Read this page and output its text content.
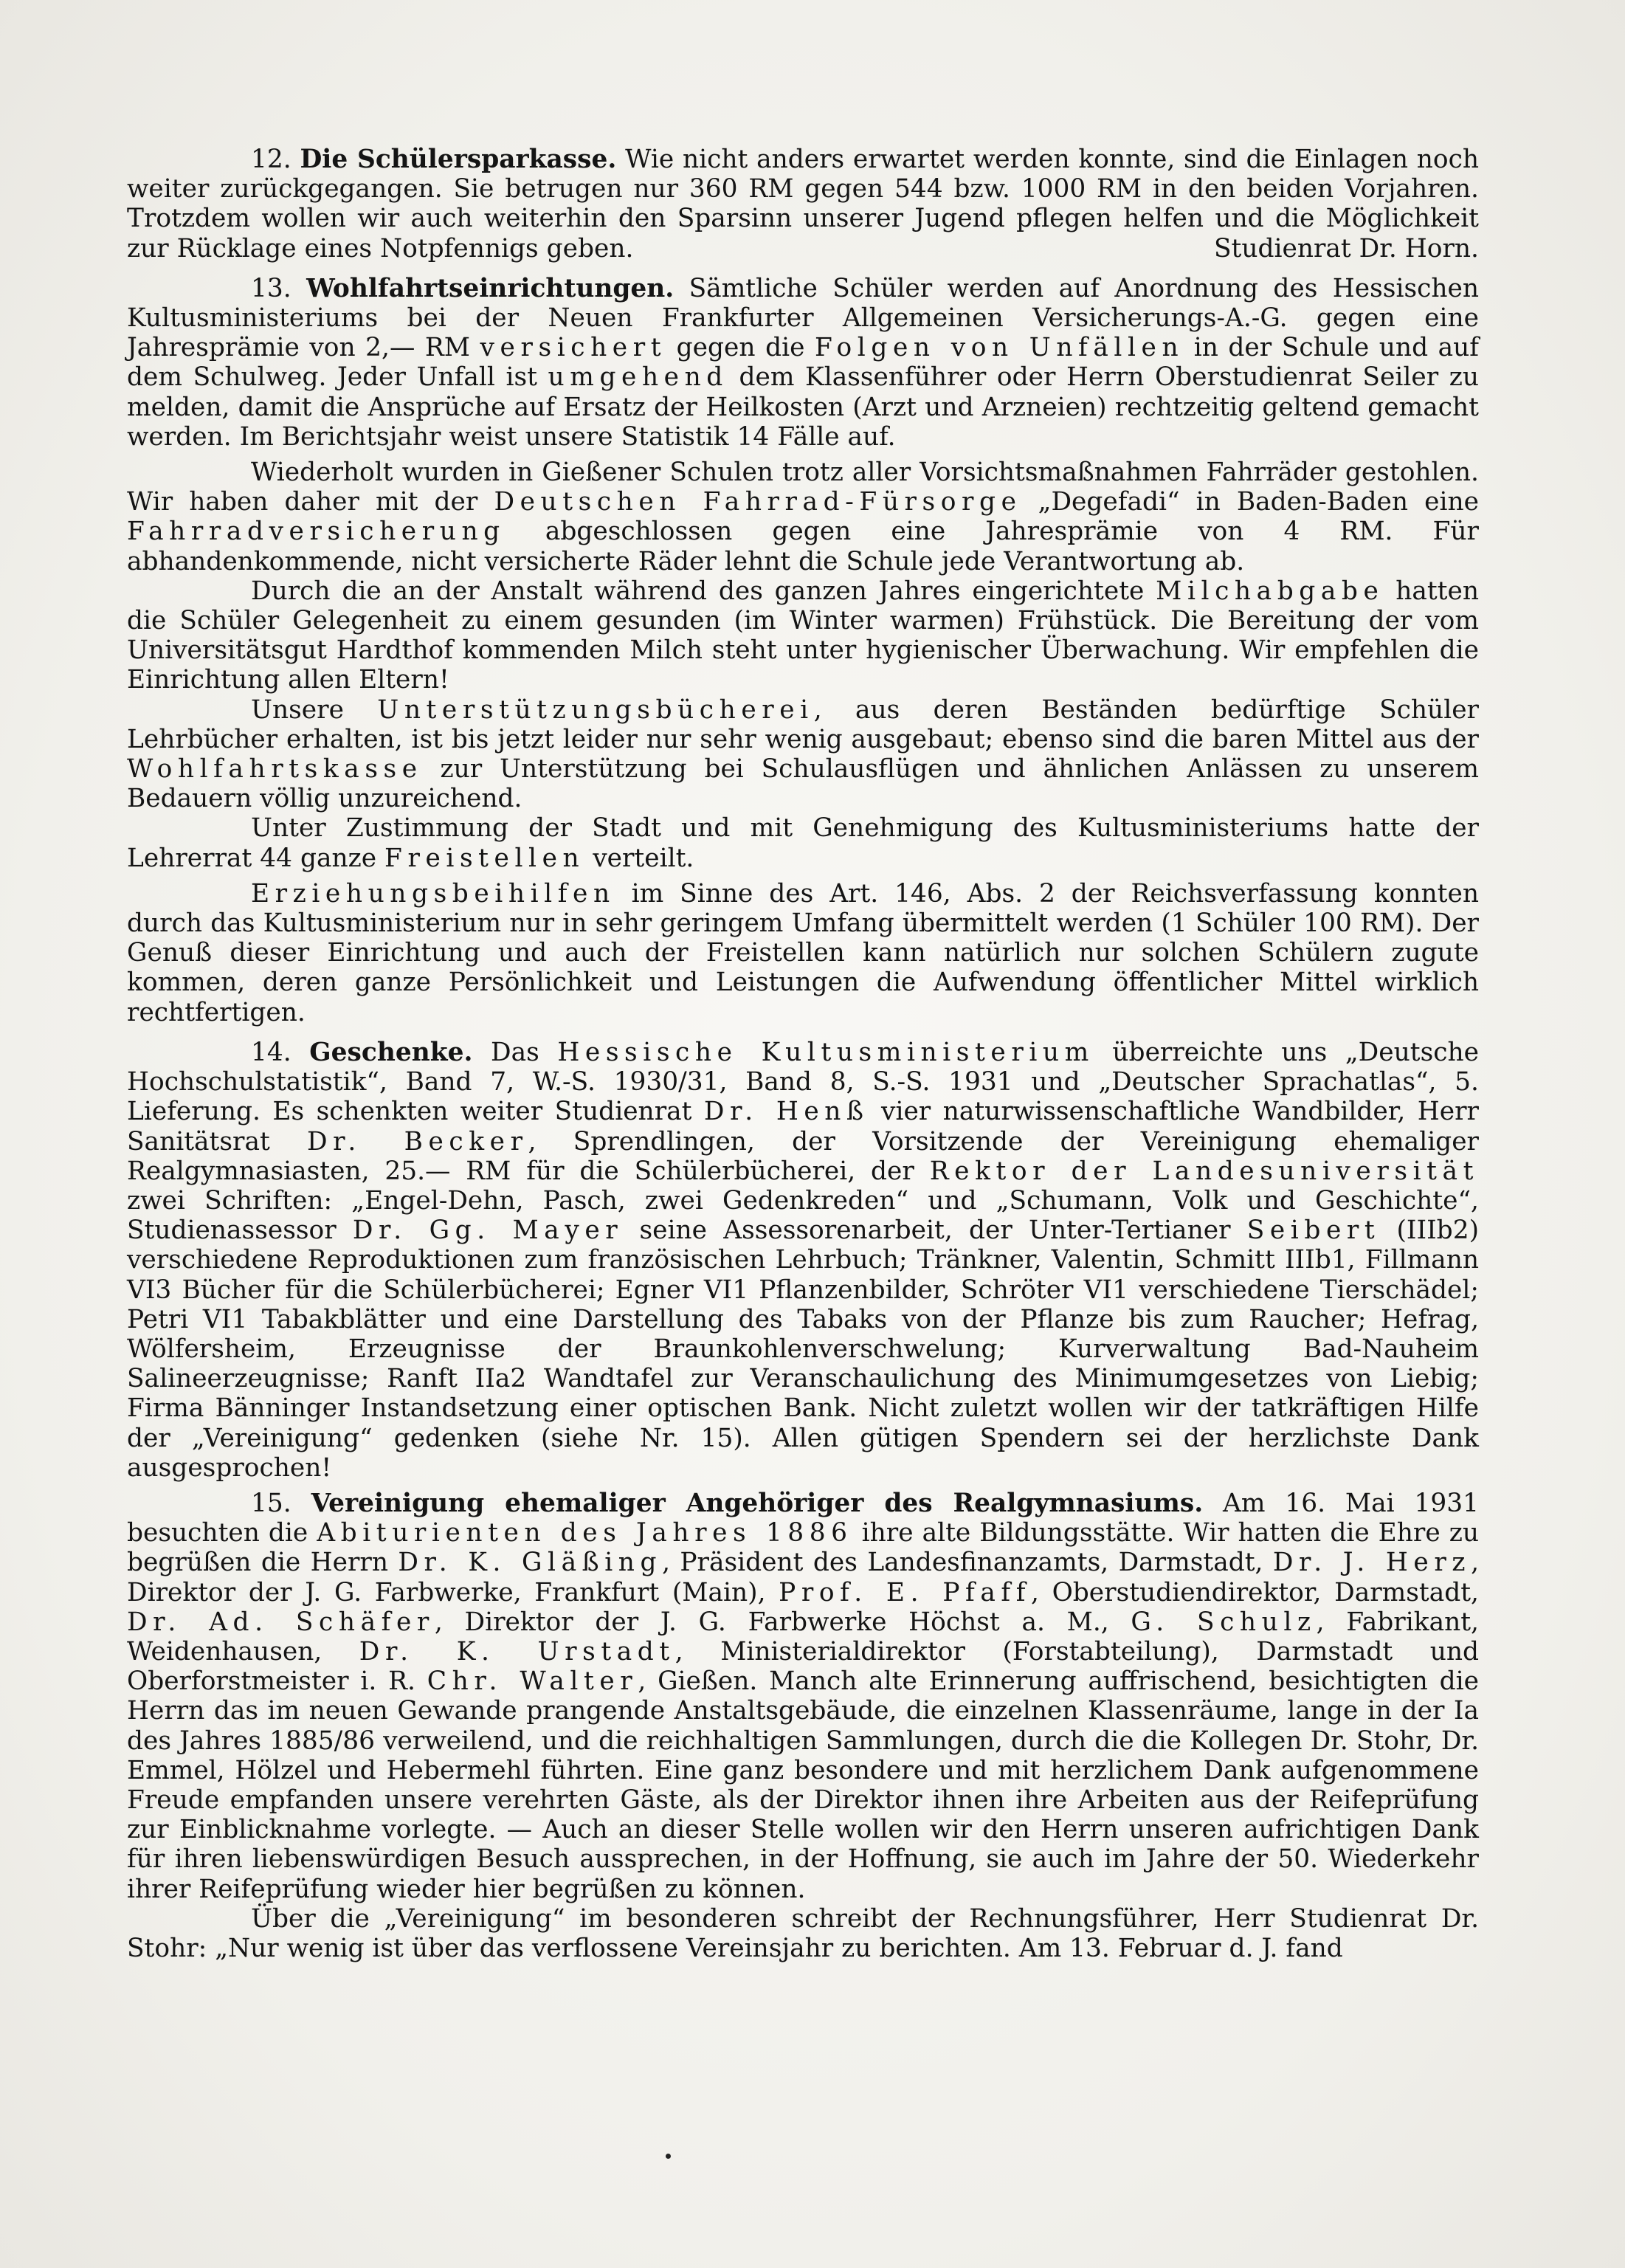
12. Die Schülersparkasse. Wie nicht anders erwartet werden konnte, sind die Einlagen noch weiter zurückgegangen. Sie betrugen nur 360 RM gegen 544 bzw. 1000 RM in den beiden Vorjahren. Trotzdem wollen wir auch weiterhin den Sparsinn unserer Jugend pflegen helfen und die Möglichkeit zur Rücklage eines Notpfennigs geben.	Studienrat Dr. Horn.

13. Wohlfahrtseinrichtungen. Sämtliche Schüler werden auf Anordnung des Hessischen Kultusministeriums bei der Neuen Frankfurter Allgemeinen Versicherungs-A.-G. gegen eine Jahresprämie von 2,— RM versichert gegen die Folgen von Unfällen in der Schule und auf dem Schulweg. Jeder Unfall ist umgehend dem Klassenführer oder Herrn Oberstudienrat Seiler zu melden, damit die Ansprüche auf Ersatz der Heilkosten (Arzt und Arzneien) rechtzeitig geltend gemacht werden. Im Berichtsjahr weist unsere Statistik 14 Fälle auf.

Wiederholt wurden in Gießener Schulen trotz aller Vorsichtsmaßnahmen Fahrräder gestohlen. Wir haben daher mit der Deutschen Fahrrad-Fürsorge „Degefadi“ in Baden-Baden eine Fahrradversicherung abgeschlossen gegen eine Jahresprämie von 4 RM. Für abhandenkommende, nicht versicherte Räder lehnt die Schule jede Verantwortung ab.

Durch die an der Anstalt während des ganzen Jahres eingerichtete Milchabgabe hatten die Schüler Gelegenheit zu einem gesunden (im Winter warmen) Frühstück. Die Bereitung der vom Universitätsgut Hardthof kommenden Milch steht unter hygienischer Überwachung. Wir empfehlen die Einrichtung allen Eltern!

Unsere Unterstützungsbücherei, aus deren Beständen bedürftige Schüler Lehrbücher erhalten, ist bis jetzt leider nur sehr wenig ausgebaut; ebenso sind die baren Mittel aus der Wohlfahrtskasse zur Unterstützung bei Schulausflügen und ähnlichen Anlässen zu unserem Bedauern völlig unzureichend.

Unter Zustimmung der Stadt und mit Genehmigung des Kultusministeriums hatte der Lehrerrat 44 ganze Freistellen verteilt.

Erziehungsbeihilfen im Sinne des Art. 146, Abs. 2 der Reichsverfassung konnten durch das Kultusministerium nur in sehr geringem Umfang übermittelt werden (1 Schüler 100 RM). Der Genuß dieser Einrichtung und auch der Freistellen kann natürlich nur solchen Schülern zugute kommen, deren ganze Persönlichkeit und Leistungen die Aufwendung öffentlicher Mittel wirklich rechtfertigen.

14. Geschenke. Das Hessische Kultusministerium überreichte uns „Deutsche Hochschulstatistik“, Band 7, W.-S. 1930/31, Band 8, S.-S. 1931 und „Deutscher Sprachatlas“, 5. Lieferung. Es schenkten weiter Studienrat Dr. Henß vier naturwissenschaftliche Wandbilder, Herr Sanitätsrat Dr. Becker, Sprendlingen, der Vorsitzende der Vereinigung ehemaliger Realgymnasiasten, 25.— RM für die Schülerbücherei, der Rektor der Landesuniversität zwei Schriften: „Engel-Dehn, Pasch, zwei Gedenkreden“ und „Schumann, Volk und Geschichte“, Studienassessor Dr. Gg. Mayer seine Assessorenarbeit, der Unter-Tertianer Seibert (IIIb2) verschiedene Reproduktionen zum französischen Lehrbuch; Tränkner, Valentin, Schmitt IIIb1, Fillmann VI3 Bücher für die Schülerbücherei; Egner VI1 Pflanzenbilder, Schröter VI1 verschiedene Tierschädel; Petri VI1 Tabakblätter und eine Darstellung des Tabaks von der Pflanze bis zum Raucher; Hefrag, Wölfersheim, Erzeugnisse der Braunkohlenverschwelung; Kurverwaltung Bad-Nauheim Salineerzeugnisse; Ranft IIa2 Wandtafel zur Veranschaulichung des Minimumgesetzes von Liebig; Firma Bänninger Instandsetzung einer optischen Bank. Nicht zuletzt wollen wir der tatkräftigen Hilfe der „Vereinigung“ gedenken (siehe Nr. 15). Allen gütigen Spendern sei der herzlichste Dank ausgesprochen!

15. Vereinigung ehemaliger Angehöriger des Realgymnasiums. Am 16. Mai 1931 besuchten die Abiturienten des Jahres 1886 ihre alte Bildungsstätte. Wir hatten die Ehre zu begrüßen die Herrn Dr. K. Gläßing, Präsident des Landesfinanzamts, Darmstadt, Dr. J. Herz, Direktor der J. G. Farbwerke, Frankfurt (Main), Prof. E. Pfaff, Oberstudiendirektor, Darmstadt, Dr. Ad. Schäfer, Direktor der J. G. Farbwerke Höchst a. M., G. Schulz, Fabrikant, Weidenhausen, Dr. K. Urstadt, Ministerialdirektor (Forstabteilung), Darmstadt und Oberforstmeister i. R. Chr. Walter, Gießen. Manch alte Erinnerung auffrischend, besichtigten die Herrn das im neuen Gewande prangende Anstaltsgebäude, die einzelnen Klassenräume, lange in der Ia des Jahres 1885/86 verweilend, und die reichhaltigen Sammlungen, durch die die Kollegen Dr. Stohr, Dr. Emmel, Hölzel und Hebermehl führten. Eine ganz besondere und mit herzlichem Dank aufgenommene Freude empfanden unsere verehrten Gäste, als der Direktor ihnen ihre Arbeiten aus der Reifeprüfung zur Einblicknahme vorlegte. — Auch an dieser Stelle wollen wir den Herrn unseren aufrichtigen Dank für ihren liebenswürdigen Besuch aussprechen, in der Hoffnung, sie auch im Jahre der 50. Wiederkehr ihrer Reifeprüfung wieder hier begrüßen zu können.

Über die „Vereinigung“ im besonderen schreibt der Rechnungsführer, Herr Studienrat Dr. Stohr: „Nur wenig ist über das verflossene Vereinsjahr zu berichten. Am 13. Februar d. J. fand
